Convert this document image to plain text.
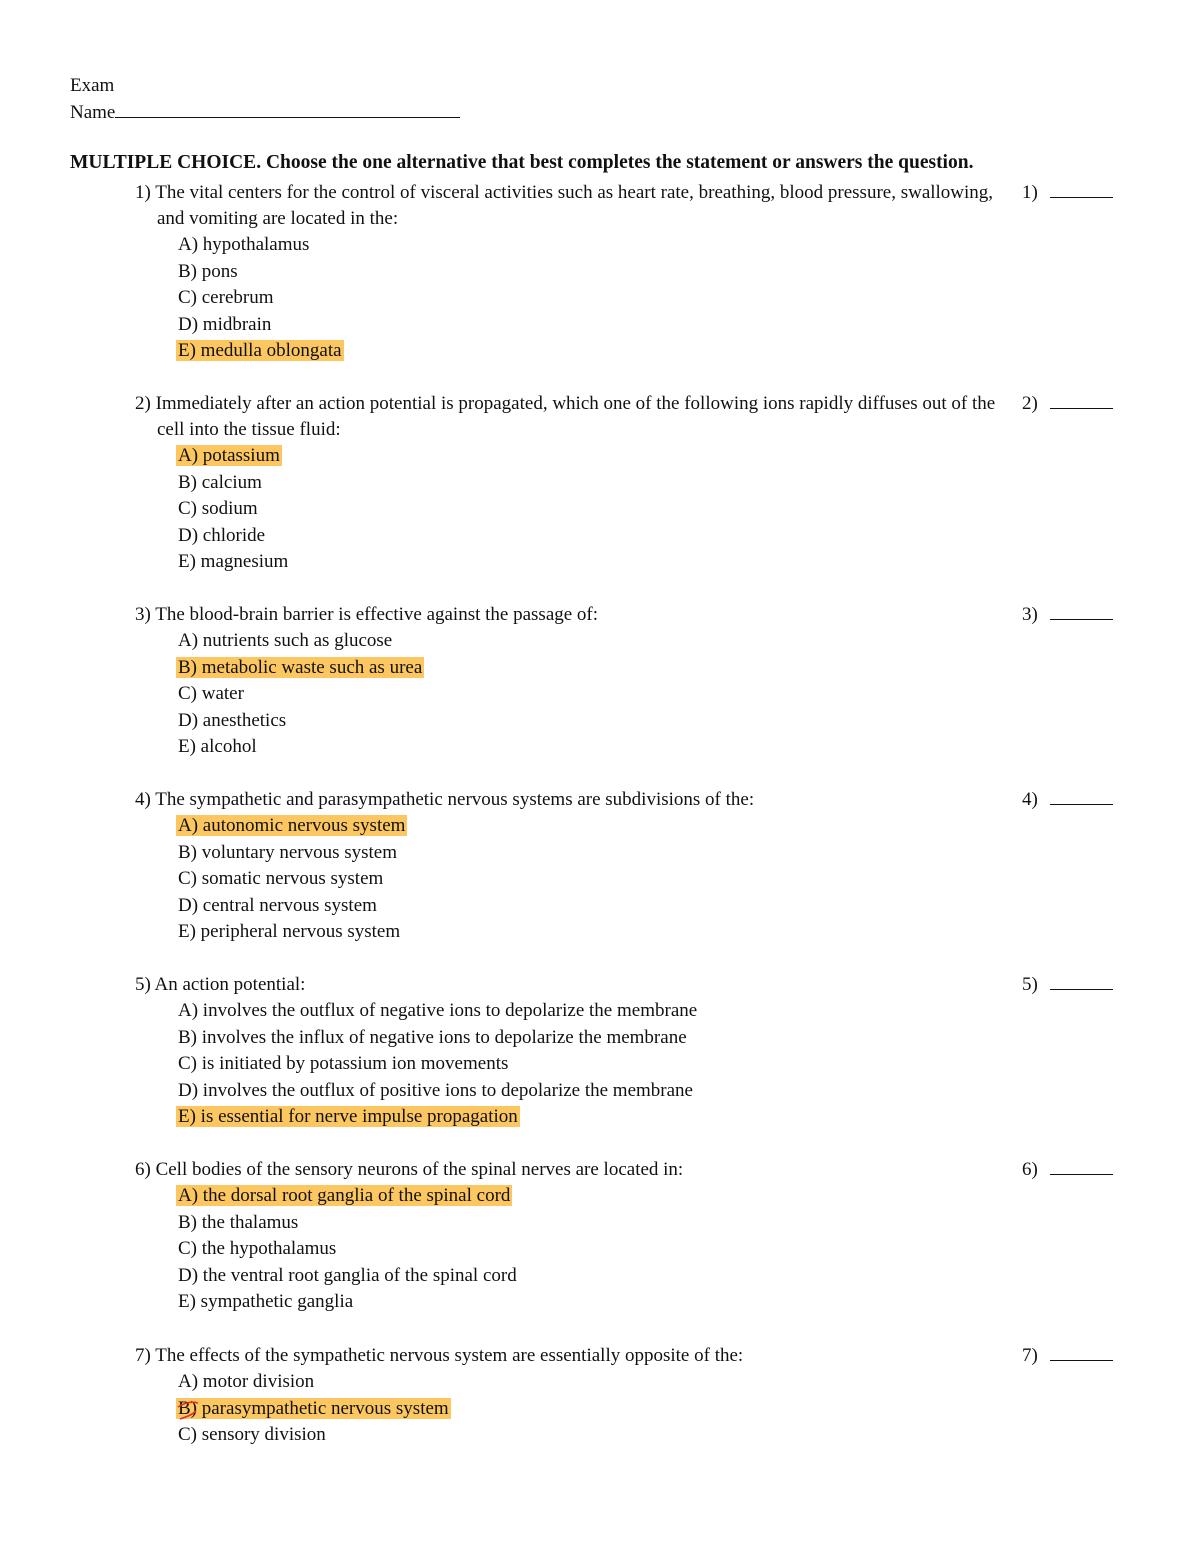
Exam
Name
MULTIPLE CHOICE. Choose the one alternative that best completes the statement or answers the question.
1) The vital centers for the control of visceral activities such as heart rate, breathing, blood pressure, swallowing, and vomiting are located in the:
A) hypothalamus
B) pons
C) cerebrum
D) midbrain
E) medulla oblongata
1)
2) Immediately after an action potential is propagated, which one of the following ions rapidly diffuses out of the cell into the tissue fluid:
A) potassium
B) calcium
C) sodium
D) chloride
E) magnesium
2)
3) The blood-brain barrier is effective against the passage of:
A) nutrients such as glucose
B) metabolic waste such as urea
C) water
D) anesthetics
E) alcohol
3)
4) The sympathetic and parasympathetic nervous systems are subdivisions of the:
A) autonomic nervous system
B) voluntary nervous system
C) somatic nervous system
D) central nervous system
E) peripheral nervous system
4)
5) An action potential:
A) involves the outflux of negative ions to depolarize the membrane
B) involves the influx of negative ions to depolarize the membrane
C) is initiated by potassium ion movements
D) involves the outflux of positive ions to depolarize the membrane
E) is essential for nerve impulse propagation
5)
6) Cell bodies of the sensory neurons of the spinal nerves are located in:
A) the dorsal root ganglia of the spinal cord
B) the thalamus
C) the hypothalamus
D) the ventral root ganglia of the spinal cord
E) sympathetic ganglia
6)
7) The effects of the sympathetic nervous system are essentially opposite of the:
A) motor division
B) parasympathetic nervous system
C) sensory division
7)
